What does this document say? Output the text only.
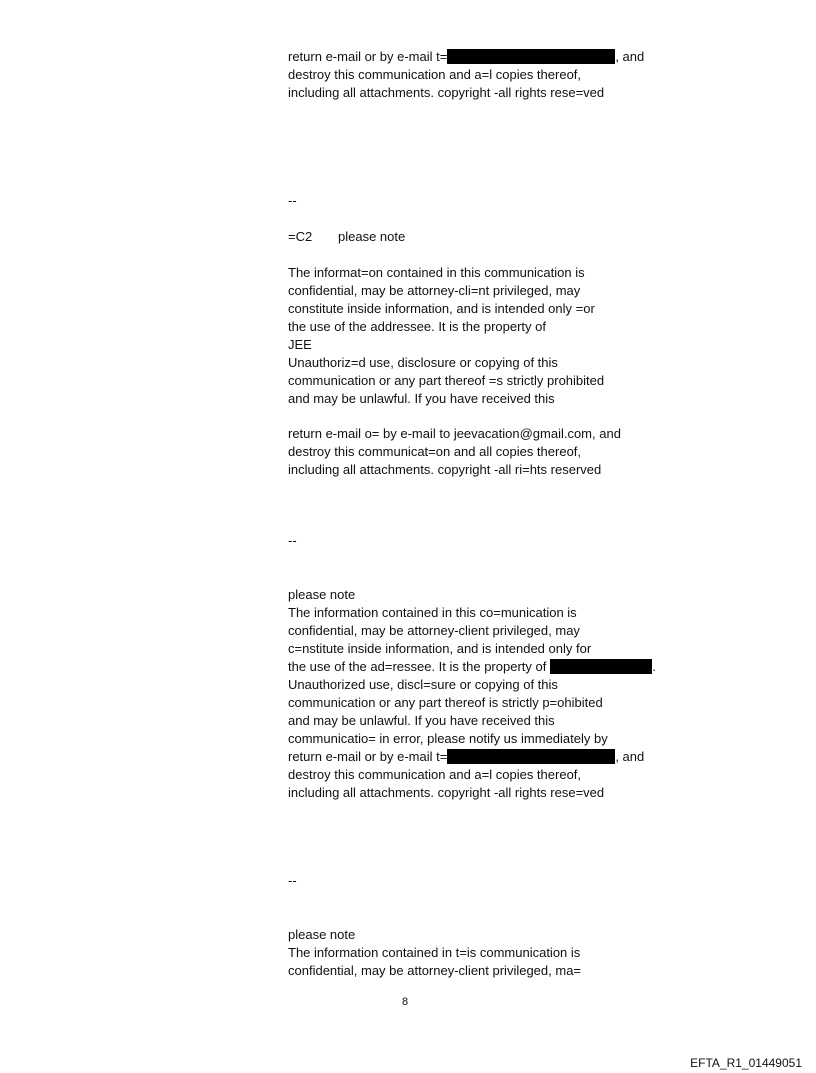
return e-mail or by e-mail t=	, and
destroy this communication and a=l copies thereof,
including all attachments. copyright -all rights rese=ved
--
=C2 please note
The informat=on contained in this communication is
confidential, may be attorney-cli=nt privileged, may
constitute inside information, and is intended only =or
the use of the addressee. It is the property of
JEE
Unauthoriz=d use, disclosure or copying of this
communication or any part thereof =s strictly prohibited
and may be unlawful. If you have received this
return e-mail o= by e-mail to jeevacation@gmail.com, and
destroy this communicat=on and all copies thereof,
including all attachments. copyright -all ri=hts reserved
--
please note
The information contained in this co=munication is
confidential, may be attorney-client privileged, may
c=nstitute inside information, and is intended only for
the use of the ad=ressee. It is the property of	.
Unauthorized use, discl=sure or copying of this
communication or any part thereof is strictly p=ohibited
and may be unlawful. If you have received this
communicatio= in error, please notify us immediately by
return e-mail or by e-mail t=	, and
destroy this communication and a=l copies thereof,
including all attachments. copyright -all rights rese=ved
--
please note
The information contained in t=is communication is
confidential, may be attorney-client privileged, ma=
8
EFTA_R1_01449051
